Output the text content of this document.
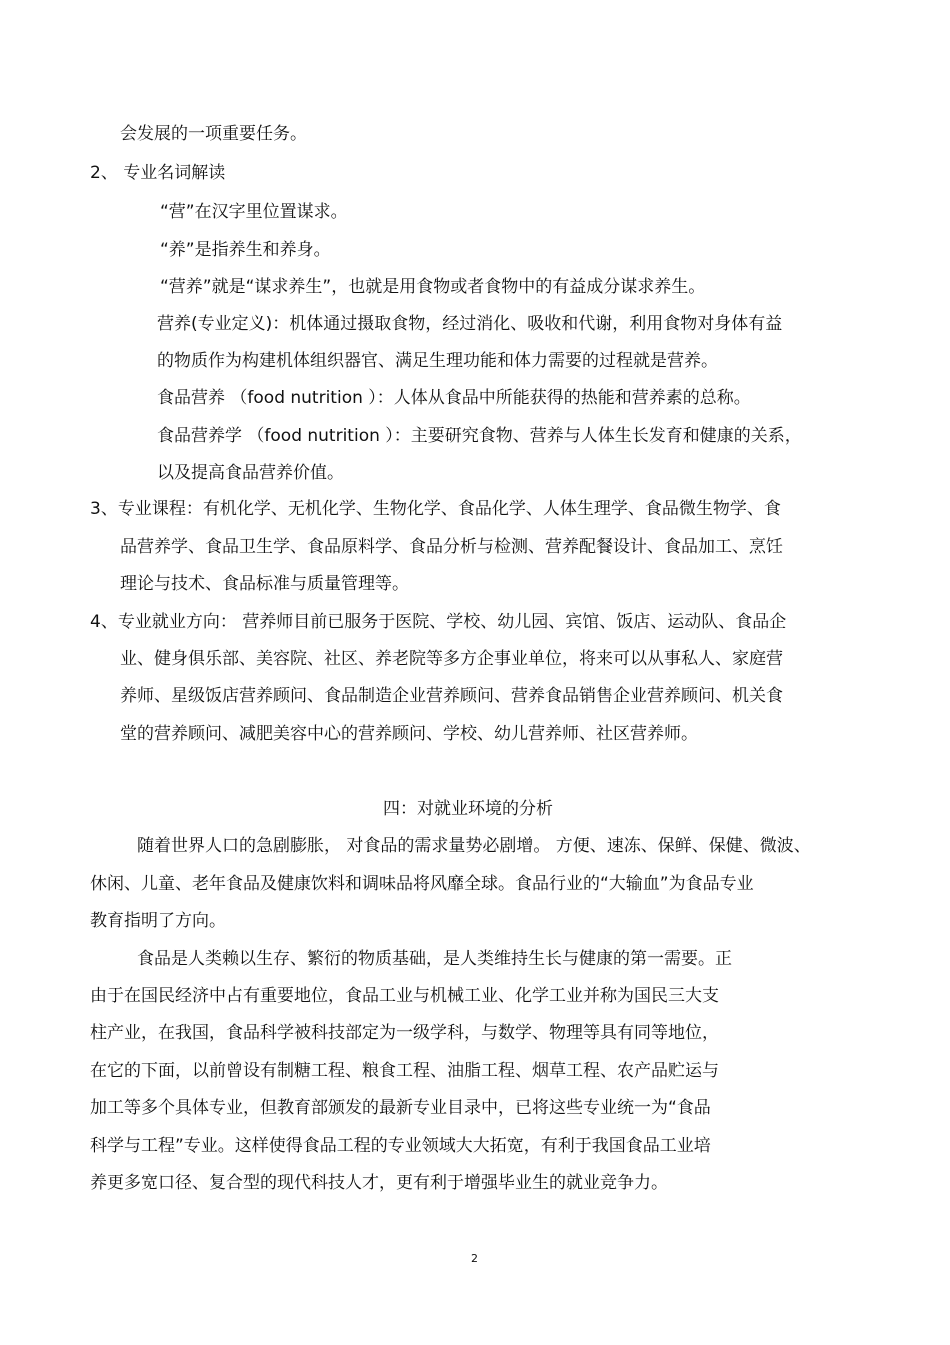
会发展的一项重要任务。
2、 专业名词解读
“营”在汉字里位置谋求。
“养”是指养生和养身。
“营养”就是“谋求养生”，也就是用食物或者食物中的有益成分谋求养生。
营养(专业定义)：机体通过摄取食物，经过消化、吸收和代谢，利用食物对身体有益
的物质作为构建机体组织器官、满足生理功能和体力需要的过程就是营养。
食品营养 （food nutrition ）：人体从食品中所能获得的热能和营养素的总称。
食品营养学 （food nutrition ）：主要研究食物、营养与人体生长发育和健康的关系，
以及提高食品营养价值。
3、专业课程：有机化学、无机化学、生物化学、食品化学、人体生理学、食品微生物学、食
品营养学、食品卫生学、食品原料学、食品分析与检测、营养配餐设计、食品加工、烹饪
理论与技术、食品标准与质量管理等。
4、专业就业方向： 营养师目前已服务于医院、学校、幼儿园、宾馆、饭店、运动队、食品企
业、健身俱乐部、美容院、社区、养老院等多方企事业单位，将来可以从事私人、家庭营
养师、星级饭店营养顾问、食品制造企业营养顾问、营养食品销售企业营养顾问、机关食
堂的营养顾问、减肥美容中心的营养顾问、学校、幼儿营养师、社区营养师。
四：对就业环境的分析
随着世界人口的急剧膨胀， 对食品的需求量势必剧增。 方便、速冻、保鲜、保健、微波、
休闲、儿童、老年食品及健康饮料和调味品将风靡全球。食品行业的“大输血”为食品专业
教育指明了方向。
食品是人类赖以生存、繁衍的物质基础，是人类维持生长与健康的第一需要。正
由于在国民经济中占有重要地位，食品工业与机械工业、化学工业并称为国民三大支
柱产业，在我国，食品科学被科技部定为一级学科，与数学、物理等具有同等地位，
在它的下面，以前曾设有制糖工程、粮食工程、油脂工程、烟草工程、农产品贮运与
加工等多个具体专业，但教育部颁发的最新专业目录中，已将这些专业统一为“食品
科学与工程”专业。这样使得食品工程的专业领域大大拓宽，有利于我国食品工业培
养更多宽口径、复合型的现代科技人才，更有利于增强毕业生的就业竞争力。
2
